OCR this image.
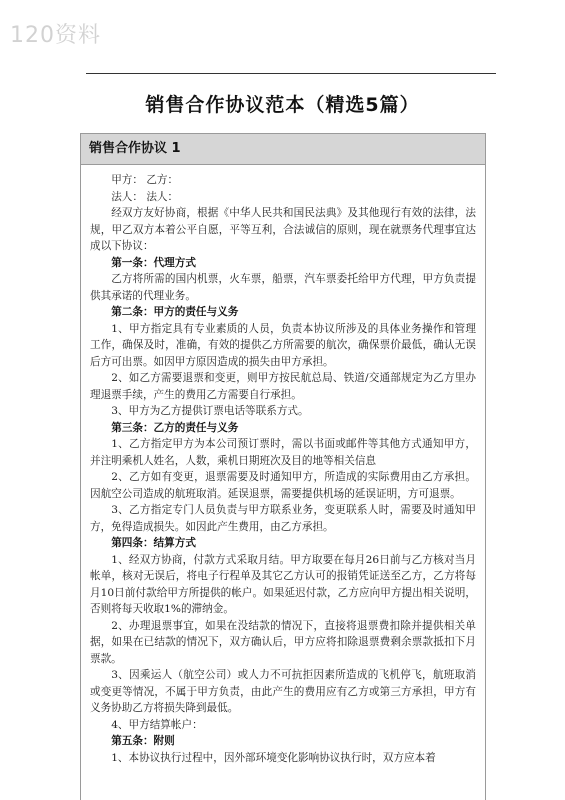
120资料
销售合作协议范本（精选5篇）
销售合作协议 1

甲方： 乙方：

法人： 法人：

经双方友好协商，根据《中华人民共和国民法典》及其他现行有效的法律，法规，甲乙双方本着公平自愿，平等互利，合法诚信的原则，现在就票务代理事宜达成以下协议：

第一条：代理方式

乙方将所需的国内机票，火车票，船票，汽车票委托给甲方代理，甲方负责提供其承诺的代理业务。

第二条：甲方的责任与义务

1、甲方指定具有专业素质的人员，负责本协议所涉及的具体业务操作和管理工作，确保及时，准确，有效的提供乙方所需要的航次，确保票价最低，确认无误后方可出票。如因甲方原因造成的损失由甲方承担。

2、如乙方需要退票和变更，则甲方按民航总局、铁道/交通部规定为乙方里办理退票手续，产生的费用乙方需要自行承担。

3、甲方为乙方提供订票电话等联系方式。

第三条：乙方的责任与义务

1、乙方指定甲方为本公司预订票时，需以书面或邮件等其他方式通知甲方，并注明乘机人姓名，人数，乘机日期班次及目的地等相关信息

2、乙方如有变更，退票需要及时通知甲方，所造成的实际费用由乙方承担。因航空公司造成的航班取消。延误退票，需要提供机场的延误证明，方可退票。

3、乙方指定专门人员负责与甲方联系业务，变更联系人时，需要及时通知甲方，免得造成损失。如因此产生费用，由乙方承担。

第四条：结算方式

1、经双方协商，付款方式采取月结。甲方取要在每月26日前与乙方核对当月帐单，核对无误后，将电子行程单及其它乙方认可的报销凭证送至乙方，乙方将每月10日前付款给甲方所提供的帐户。如果延迟付款，乙方应向甲方提出相关说明，否则将每天收取1%的滞纳金。

2、办理退票事宜，如果在没结款的情况下，直接将退票费扣除并提供相关单据，如果在已结款的情况下，双方确认后，甲方应将扣除退票费剩余票款抵扣下月票款。

3、因乘运人（航空公司）或人力不可抗拒因素所造成的飞机停飞，航班取消或变更等情况，不属于甲方负责，由此产生的费用应有乙方或第三方承担，甲方有义务协助乙方将损失降到最低。

4、甲方结算帐户：

第五条：附则

1、本协议执行过程中，因外部环境变化影响协议执行时，双方应本着
